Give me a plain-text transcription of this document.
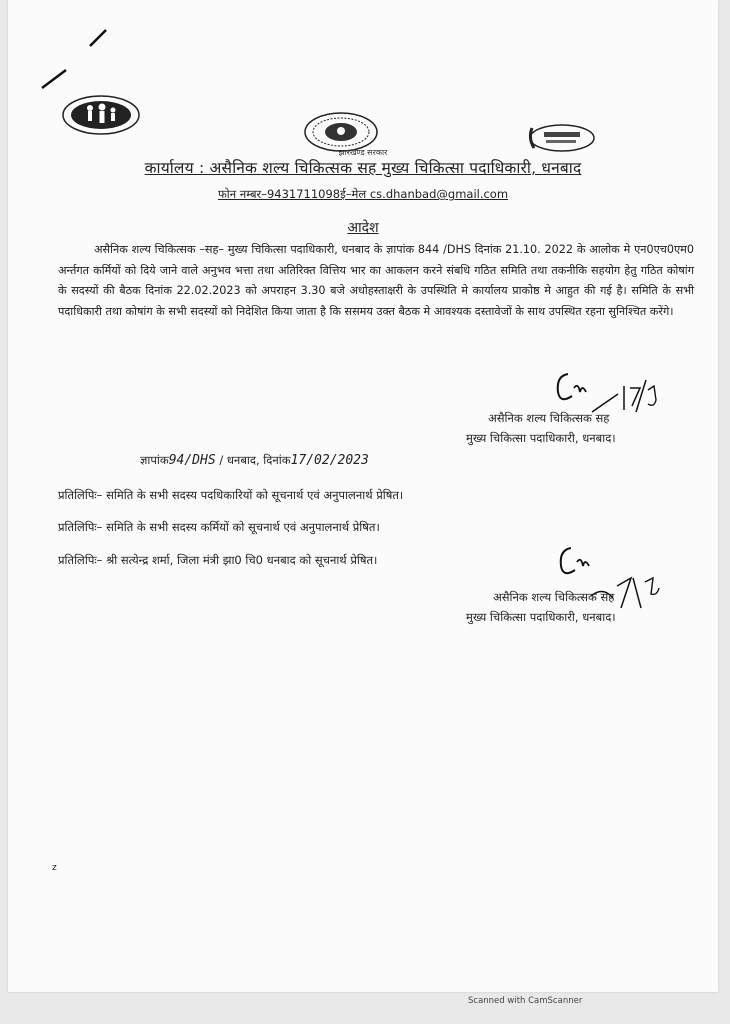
झारखण्ड सरकार
कार्यालय : असैनिक शल्य चिकित्सक सह मुख्य चिकित्सा पदाधिकारी, धनबाद
फोन नम्बर–9431711098ई–मेल cs.dhanbad@gmail.com
आदेश
असैनिक शल्य चिकित्सक –सह– मुख्य चिकित्सा पदाधिकारी, धनबाद के ज्ञापांक 844 /DHS दिनांक 21.10. 2022 के आलोक मे एन0एच0एम0 अर्न्तगत कर्मियों को दिये जाने वाले अनुभव भत्ता तथा अतिरिक्त वित्तिय भार का आकलन करने संबधि गठित समिति तथा तकनीकि सहयोग हेतु गठित कोषांग के सदस्यों की बैठक दिनांक 22.02.2023 को अपराहन 3.30 बजे अधोहस्ताक्षरी के उपस्थिति मे कार्यालय प्राकोष्ठ मे आहुत की गई है। समिति के सभी पदाधिकारी तथा कोषांग के सभी सदस्यों को निदेशित किया जाता है कि ससमय उक्त बैठक मे आवश्यक दस्तावेजों के साथ उपस्थित रहना सुनिश्चित करेंगे।
असैनिक शल्य चिकित्सक सह
मुख्य चिकित्सा पदाधिकारी, धनबाद।
ज्ञापांक94/DHS / धनबाद, दिनांक17/02/2023
प्रतिलिपिः– समिति के सभी सदस्य पदधिकारियों को सूचनार्थ एवं अनुपालनार्थ प्रेषित।
प्रतिलिपिः– समिति के सभी सदस्य कर्मियों को सूचनार्थ एवं अनुपालनार्थ प्रेषित।
प्रतिलिपिः– श्री सत्येन्द्र शर्मा, जिला मंत्री झा0 चि0 धनबाद को सूचनार्थ प्रेषित।
असैनिक शल्य चिकित्सक सह
मुख्य चिकित्सा पदाधिकारी, धनबाद।
z
Scanned with CamScanner
